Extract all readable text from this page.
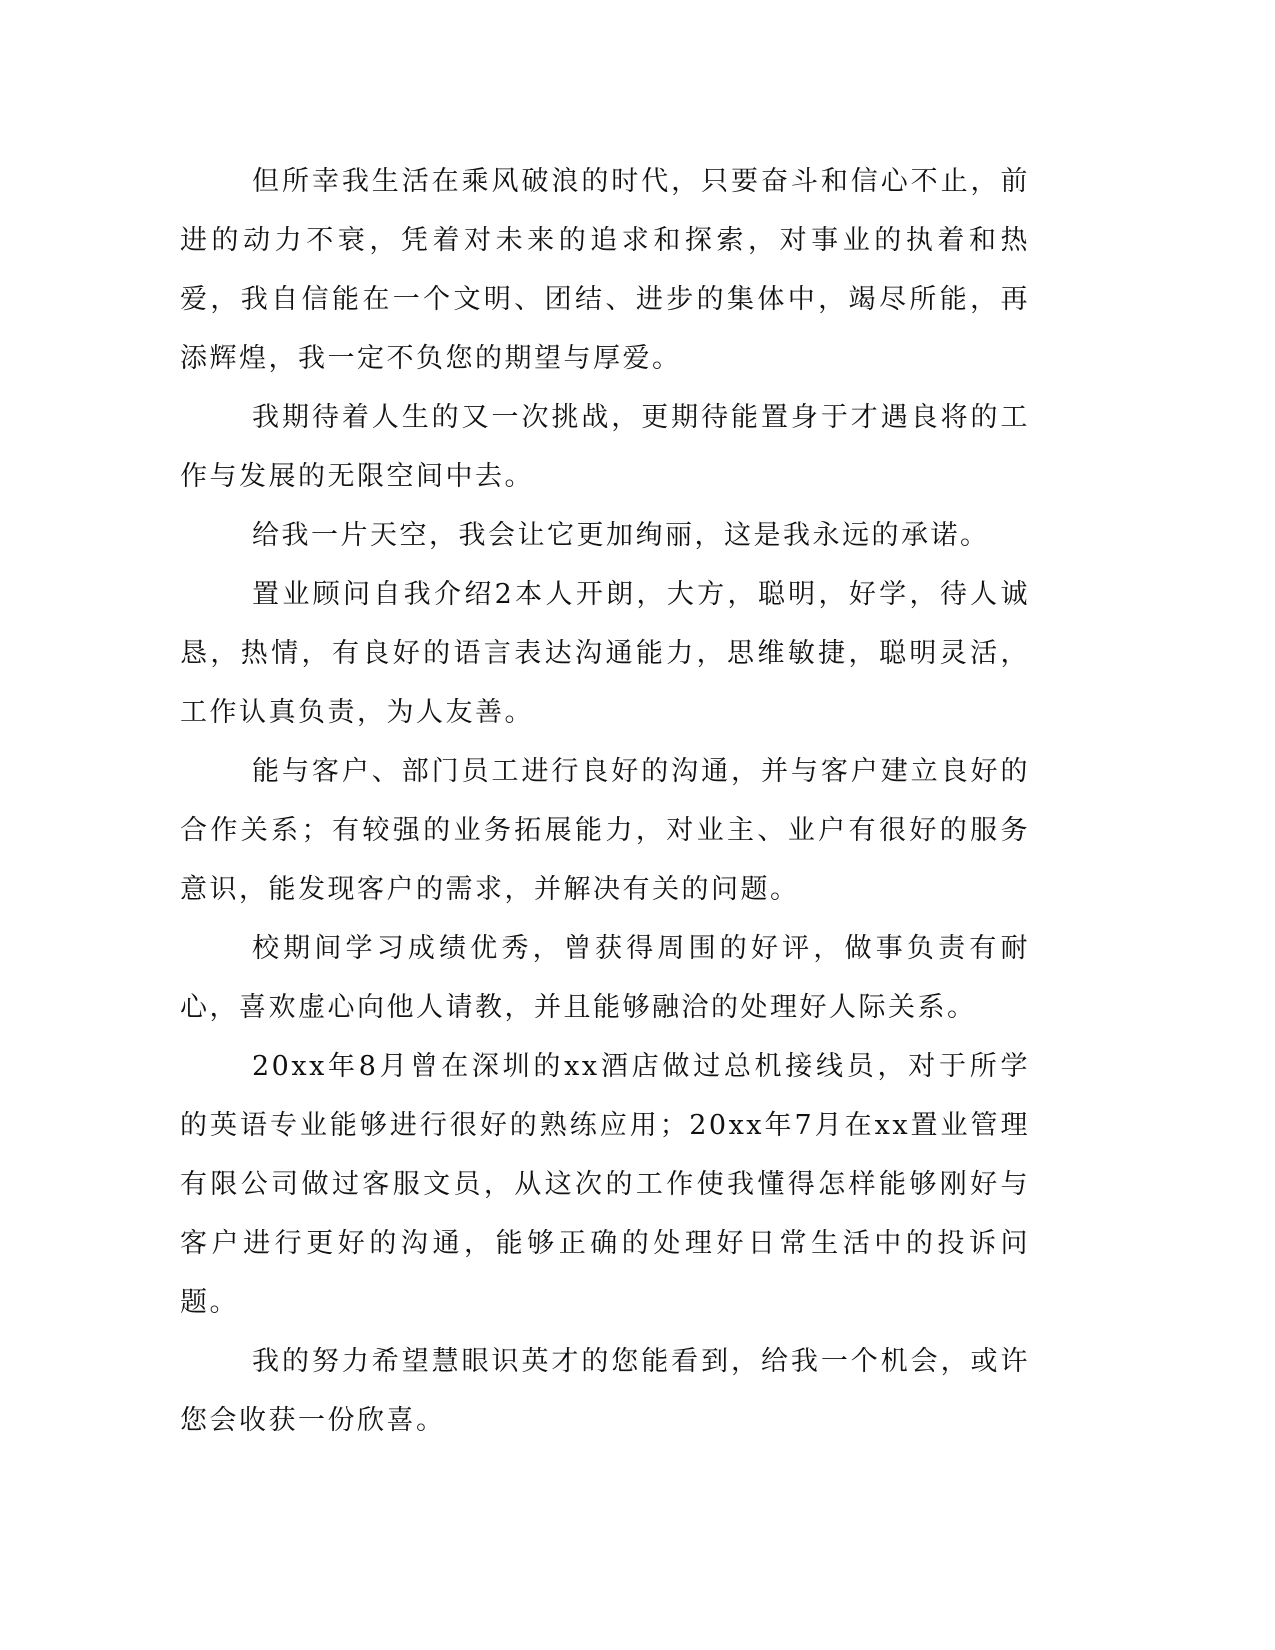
但所幸我生活在乘风破浪的时代，只要奋斗和信心不止，前进的动力不衰，凭着对未来的追求和探索，对事业的执着和热爱，我自信能在一个文明、团结、进步的集体中，竭尽所能，再添辉煌，我一定不负您的期望与厚爱。

我期待着人生的又一次挑战，更期待能置身于才遇良将的工作与发展的无限空间中去。

给我一片天空，我会让它更加绚丽，这是我永远的承诺。

置业顾问自我介绍2本人开朗，大方，聪明，好学，待人诚恳，热情，有良好的语言表达沟通能力，思维敏捷，聪明灵活，工作认真负责，为人友善。

能与客户、部门员工进行良好的沟通，并与客户建立良好的合作关系；有较强的业务拓展能力，对业主、业户有很好的服务意识，能发现客户的需求，并解决有关的问题。

校期间学习成绩优秀，曾获得周围的好评，做事负责有耐心，喜欢虚心向他人请教，并且能够融洽的处理好人际关系。

20xx年8月曾在深圳的xx酒店做过总机接线员，对于所学的英语专业能够进行很好的熟练应用；20xx年7月在xx置业管理有限公司做过客服文员，从这次的工作使我懂得怎样能够刚好与客户进行更好的沟通，能够正确的处理好日常生活中的投诉问题。

我的努力希望慧眼识英才的您能看到，给我一个机会，或许您会收获一份欣喜。
